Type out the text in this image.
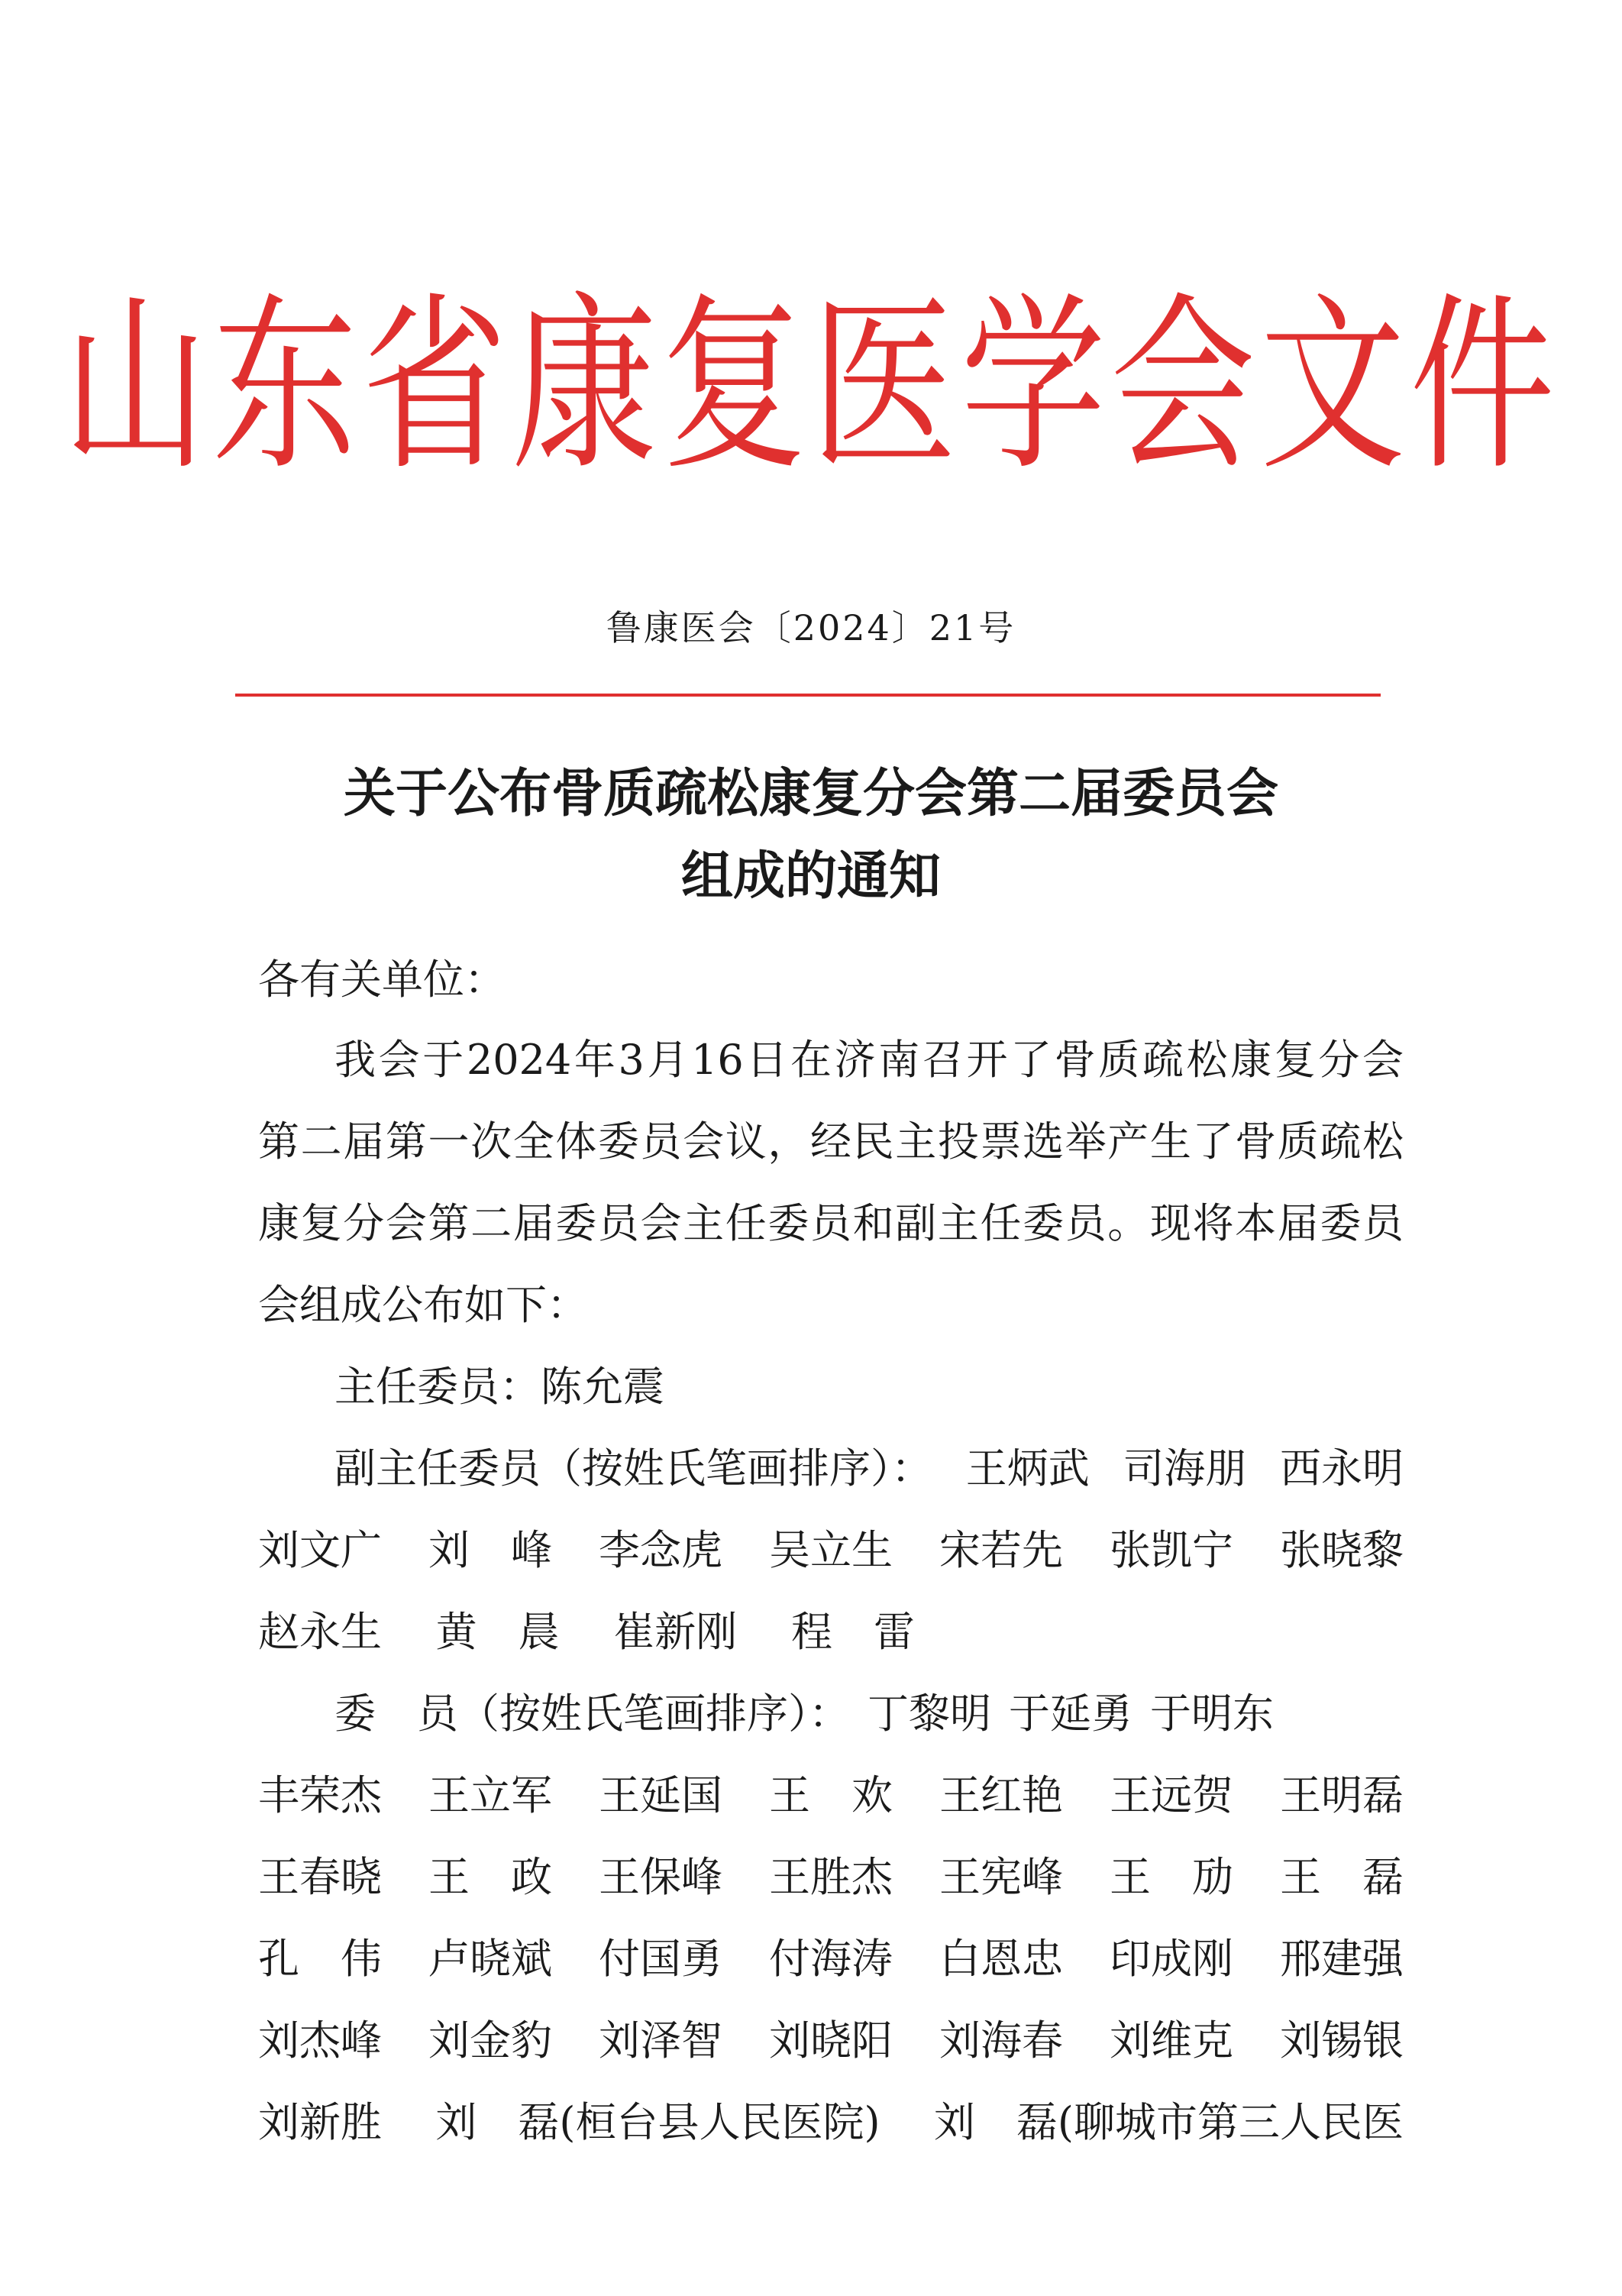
山东省康复医学会文件
鲁康医会〔2024〕21号
关于公布骨质疏松康复分会第二届委员会
组成的通知
各有关单位：
我会于2024年3月16日在济南召开了骨质疏松康复分会
第二届第一次全体委员会议，经民主投票选举产生了骨质疏松
康复分会第二届委员会主任委员和副主任委员。现将本届委员
会组成公布如下：
主任委员：陈允震
副主任委员（按姓氏笔画排序）： 王炳武 司海朋 西永明
刘文广 刘　峰 李念虎 吴立生 宋若先 张凯宁 张晓黎
赵永生 黄　晨 崔新刚 程　雷
委　员（按姓氏笔画排序）： 丁黎明 于延勇 于明东
丰荣杰 王立军 王延国 王　欢 王红艳 王远贺 王明磊
王春晓 王　政 王保峰 王胜杰 王宪峰 王　劢 王　磊
孔　伟 卢晓斌 付国勇 付海涛 白恩忠 印成刚 邢建强
刘杰峰 刘金豹 刘泽智 刘晓阳 刘海春 刘维克 刘锡银
刘新胜 刘　磊(桓台县人民医院) 刘　磊(聊城市第三人民医
